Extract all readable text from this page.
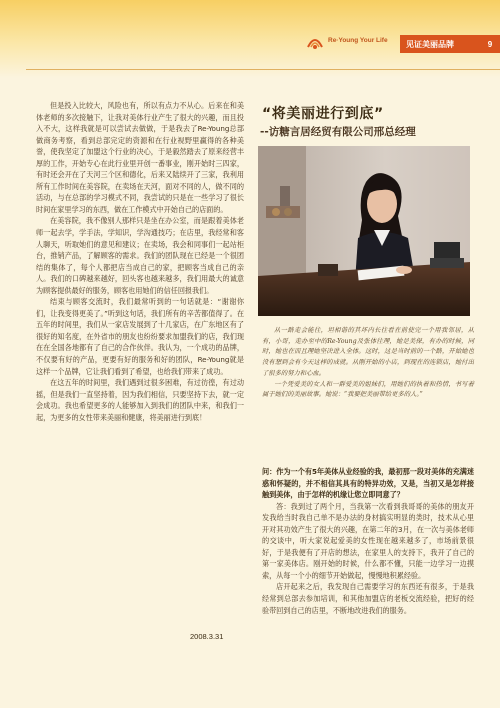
Re·Young Your Life	见证美丽品牌	9

但是投入比较大，风险也有，所以有点力不从心。后来在和美体老师的多次接触下，让我对美体行业产生了很大的兴趣，而且投入不大，这样我就是可以尝试去做做，于是我去了Re-Young总部做商务考察，看到总部完定的资源和在行业视野里赢得的各种美誉，使我坚定了加盟这个行业的决心，于是毅然踏去了原来经营丰厚的工作，开始专心在此行业里开创一番事业，刚开始时三四家，有时还会开在了天河三个区和德化，后来又陆续开了三家，我利用所有工作时间在美容院，在卖场在天河，面对不同的人，做不同的活动，与在总部的学习模式不同，我尝试的只是在一些学习了很长时间在家里学习的东西，做在工作模式中开始自己的店面的。

在美容院，我不像别人那样只是坐在办公室，而是跟着美体老师一起去学，学手法，学知识，学沟通技巧；在店里，我经常和客人聊天，听取她们的意见和建议；在卖场，我会和同事们一起站柜台，推销产品，了解顾客的需求。我们的团队现在已经是一个很团结的集体了，每个人都把店当成自己的家，把顾客当成自己的亲人。我们的口碑越来越好，回头客也越来越多，我们用最大的诚意为顾客提供最好的服务，顾客也用她们的信任回报我们。

结束与顾客交流时，我们最常听到的一句话就是：“谢谢你们，让我变得更美了。”听到这句话，我们所有的辛苦都值得了。在五年的时间里，我们从一家店发展到了十几家店，在广东地区有了很好的知名度，在外省市的朋友也纷纷要求加盟我们的店，我们现在在全国各地都有了自己的合作伙伴。我认为，一个成功的品牌，不仅要有好的产品，更要有好的服务和好的团队，Re-Young就是这样一个品牌，它让我们看到了希望，也给我们带来了成功。

在这五年的时间里，我们遇到过很多困难，有过彷徨，有过动摇，但是我们一直坚持着，因为我们相信，只要坚持下去，就一定会成功。我也希望更多的人能够加入到我们的团队中来，和我们一起，为更多的女性带来美丽和健康，将美丽进行到底！

2008.3.31
“将美丽进行到底”
--访糖言居经贸有限公司邢总经理

从一路走会能往，坦相谐的其坏内长往看在前使完一个用我邻居，从有，小哥，走办至中的Re-Young及张体往理，她是美保，有办的时候，同时，她也在而且理她坚决进入全体。这时，这是当时前的一个路，开始她也没有想到会有今天这样的成就。从刚开始的小店，到现在的连锁店，她付出了很多的努力和心血。

一个凭爱美的女人和一群爱美的姐妹们，用她们的执着和热情，书写着属于她们的美丽故事。她说：“我要把美丽带给更多的人。”

问：作为一个有5年美体从业经验的我，最初那一段对美体的充满迷惑和怀疑的，并不相信其具有的特异功效，又是，当初又是怎样接触到美体，由于怎样的机缘让您立即同意了？

答：我到过了两个月，当我第一次看到我哥哥的美体的朋友开发我给当时我自己单不是办法的身材搞实明显的类时，技术从心里开对其功效产生了很大的兴趣，在第二年的3月，在一次与美体老师的交谈中，听大家说起爱美的女性现在越来越多了，市场前景很好，于是我便有了开店的想法，在家里人的支持下，我开了自己的第一家美体店。刚开始的时候，什么都不懂，只能一边学习一边摸索，从每一个小的细节开始做起，慢慢地积累经验。

店开起来之后，我发现自己需要学习的东西还有很多，于是我经常到总部去参加培训，和其他加盟店的老板交流经验，把好的经验带回到自己的店里，不断地改进我们的服务。
